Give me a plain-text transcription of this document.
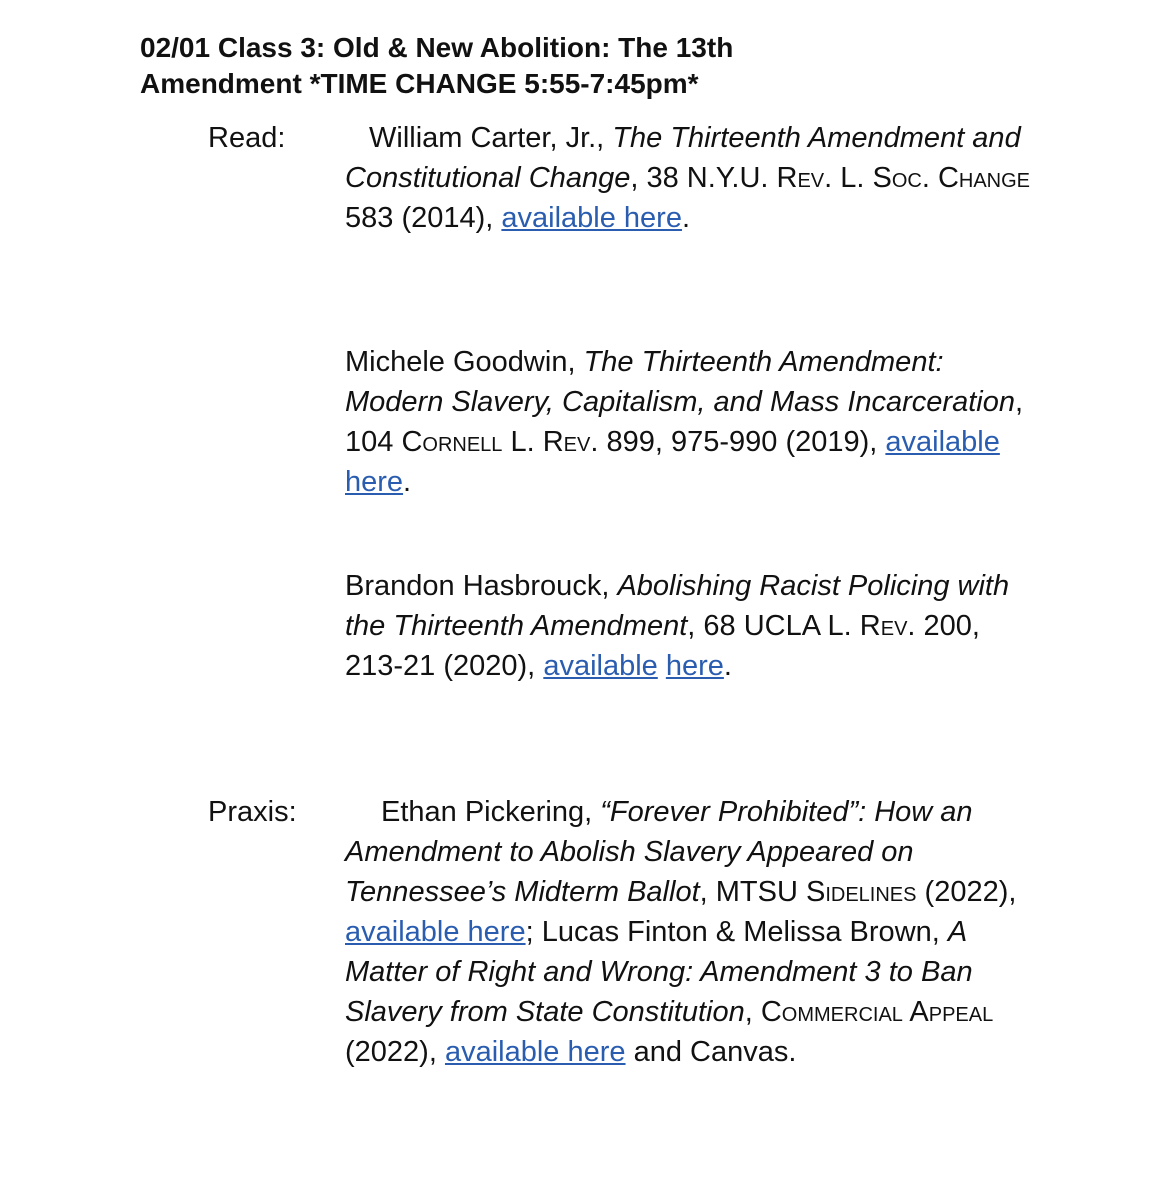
02/01 Class 3: Old & New Abolition: The 13th
Amendment *TIME CHANGE 5:55-7:45pm*
Read:	William Carter, Jr., The Thirteenth Amendment and Constitutional Change, 38 N.Y.U. Rev. L. Soc. Change 583 (2014), available here.
Michele Goodwin, The Thirteenth Amendment: Modern Slavery, Capitalism, and Mass Incarceration, 104 Cornell L. Rev. 899, 975-990 (2019), available here.
Brandon Hasbrouck, Abolishing Racist Policing with the Thirteenth Amendment, 68 UCLA L. Rev. 200, 213-21 (2020), available here.
Praxis:	Ethan Pickering, “Forever Prohibited”: How an Amendment to Abolish Slavery Appeared on Tennessee’s Midterm Ballot, MTSU Sidelines (2022), available here; Lucas Finton & Melissa Brown, A Matter of Right and Wrong: Amendment 3 to Ban Slavery from State Constitution, Commercial Appeal (2022), available here and Canvas.
